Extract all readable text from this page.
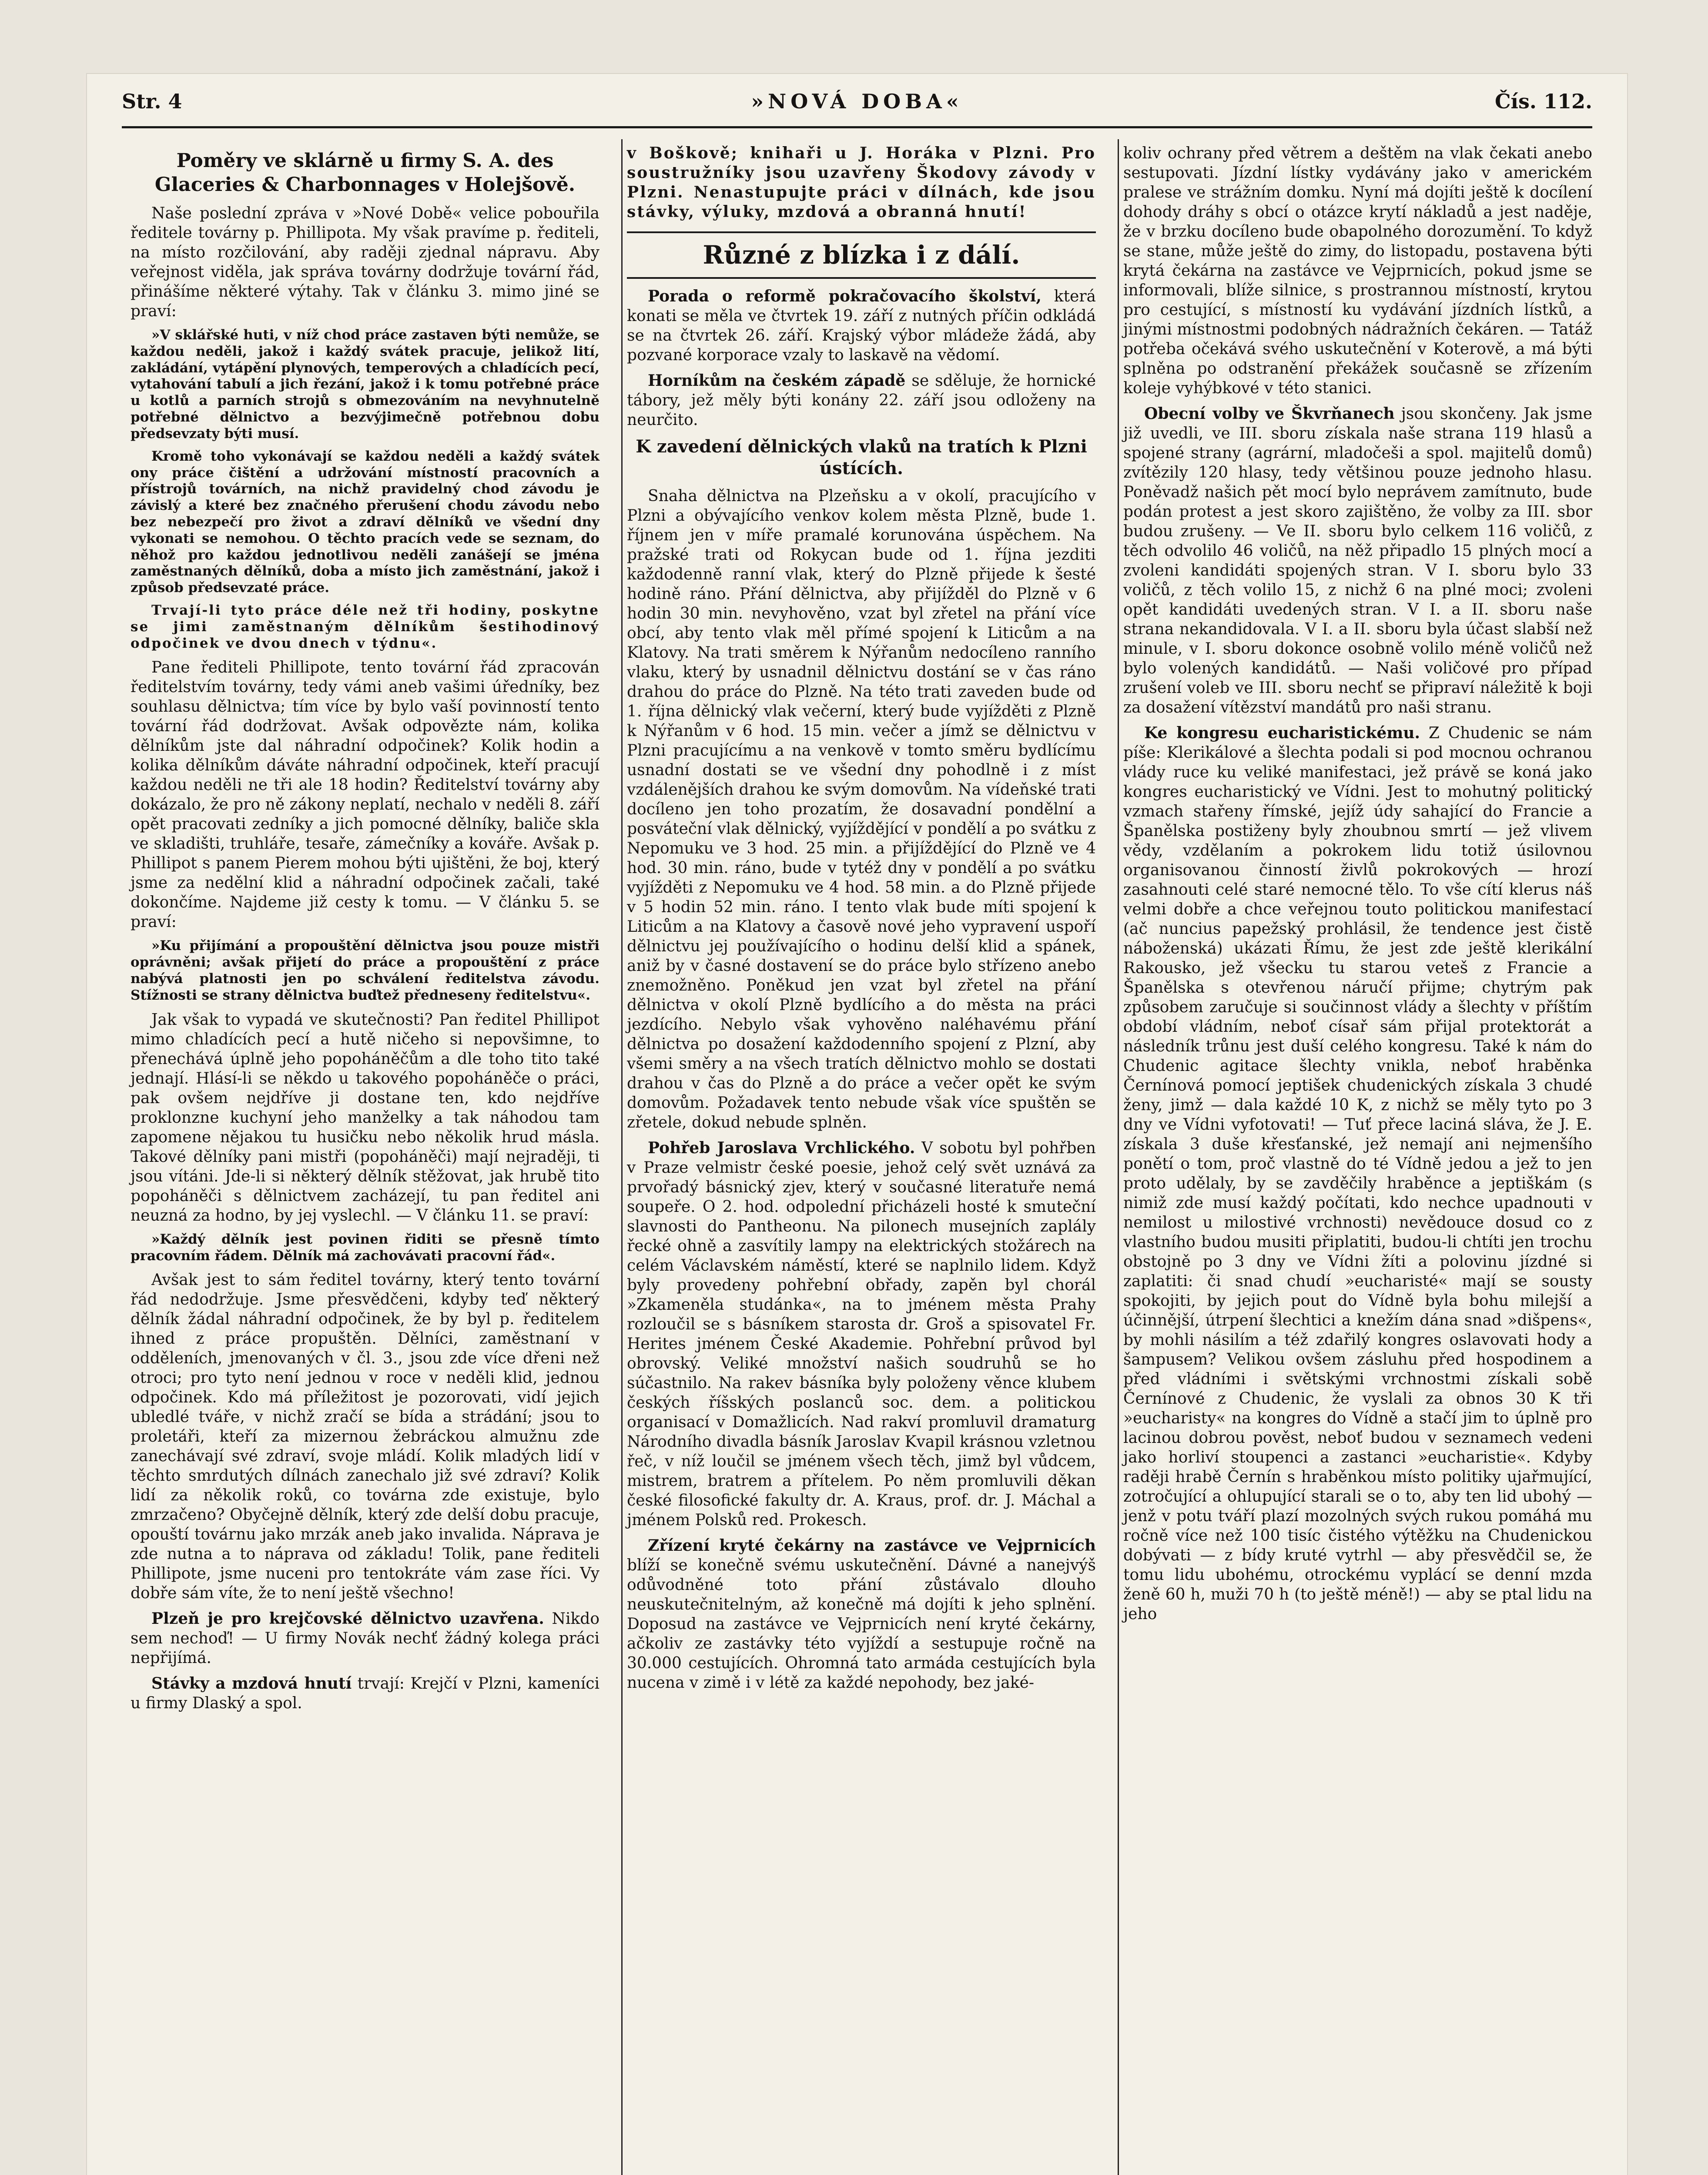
Str. 4	»NOVÁ DOBA«	Čís. 112.
Poměry ve sklárně u firmy S. A. des Glaceries & Charbonnages v Holejšově.

Naše poslední zpráva v »Nové Době« velice pobouřila ředitele továrny p. Phillipota. My však pravíme p. řediteli, na místo rozčilování, aby raději zjednal nápravu. Aby veřejnost viděla, jak správa továrny dodržuje tovární řád, přinášíme některé výtahy. Tak v článku 3. mimo jiné se praví:

»V sklářské huti, v níž chod práce zastaven býti nemůže, se každou neděli, jakož i každý svátek pracuje, jelikož lití, zakládání, vytápění plynových, temperových a chladících pecí, vytahování tabulí a jich řezání, jakož i k tomu potřebné práce u kotlů a parních strojů s obmezováním na nevyhnutelně potřebné dělnictvo a bezvýjimečně potřebnou dobu předsevzaty býti musí.

Kromě toho vykonávají se každou neděli a každý svátek ony práce čištění a udržování místností pracovních a přístrojů továrních, na nichž pravidelný chod závodu je závislý a které bez značného přerušení chodu závodu nebo bez nebezpečí pro život a zdraví dělníků ve všední dny vykonati se nemohou. O těchto pracích vede se seznam, do něhož pro každou jednotlivou neděli zanášejí se jména zaměstnaných dělníků, doba a místo jich zaměstnání, jakož i způsob předsevzaté práce.

Trvají-li tyto práce déle než tři hodiny, poskytne se jimi zaměstnaným dělníkům šestihodinový odpočinek ve dvou dnech v týdnu«.

Pane řediteli Phillipote, tento tovární řád zpracován ředitelstvím továrny, tedy vámi aneb vašimi úředníky, bez souhlasu dělnictva; tím více by bylo vaší povinností tento tovární řád dodržovat. Avšak odpovězte nám, kolika dělníkům jste dal náhradní odpočinek? Kolik hodin a kolika dělníkům dáváte náhradní odpočinek, kteří pracují každou neděli ne tři ale 18 hodin? Ředitelství továrny aby dokázalo, že pro ně zákony neplatí, nechalo v neděli 8. září opět pracovati zedníky a jich pomocné dělníky, baliče skla ve skladišti, truhláře, tesaře, zámečníky a kováře. Avšak p. Phillipot s panem Pierem mohou býti ujištěni, že boj, který jsme za nedělní klid a náhradní odpočinek začali, také dokončíme. Najdeme již cesty k tomu. — V článku 5. se praví:

»Ku přijímání a propouštění dělnictva jsou pouze mistři oprávněni; avšak přijetí do práce a propouštění z práce nabývá platnosti jen po schválení ředitelstva závodu. Stížnosti se strany dělnictva buďtež předneseny ředitelstvu«.

Jak však to vypadá ve skutečnosti? Pan ředitel Phillipot mimo chladících pecí a hutě ničeho si nepovšimne, to přenechává úplně jeho popoháněčům a dle toho tito také jednají. Hlásí-li se někdo u takového popoháněče o práci, pak ovšem nejdříve ji dostane ten, kdo nejdříve proklonzne kuchyní jeho manželky a tak náhodou tam zapomene nějakou tu husičku nebo několik hrud másla. Takové dělníky pani mistři (popoháněči) mají nejraději, ti jsou vítáni. Jde-li si některý dělník stěžovat, jak hrubě tito popoháněči s dělnictvem zacházejí, tu pan ředitel ani neuzná za hodno, by jej vyslechl. — V článku 11. se praví:

»Každý dělník jest povinen řiditi se přesně tímto pracovním řádem. Dělník má zachovávati pracovní řád«.

Avšak jest to sám ředitel továrny, který tento tovární řád nedodržuje. Jsme přesvědčeni, kdyby teď některý dělník žádal náhradní odpočinek, že by byl p. ředitelem ihned z práce propuštěn. Dělníci, zaměstnaní v odděleních, jmenovaných v čl. 3., jsou zde více dřeni než otroci; pro tyto není jednou v roce v neděli klid, jednou odpočinek. Kdo má příležitost je pozorovati, vidí jejich ubledlé tváře, v nichž zračí se bída a strádání; jsou to proletáři, kteří za mizernou žebráckou almužnu zde zanechávají své zdraví, svoje mládí. Kolik mladých lidí v těchto smrdutých dílnách zanechalo již své zdraví? Kolik lidí za několik roků, co továrna zde existuje, bylo zmrzačeno? Obyčejně dělník, který zde delší dobu pracuje, opouští továrnu jako mrzák aneb jako invalida. Náprava je zde nutna a to náprava od základu! Tolik, pane řediteli Phillipote, jsme nuceni pro tentokráte vám zase říci. Vy dobře sám víte, že to není ještě všechno!

Plzeň je pro krejčovské dělnictvo uzavřena. Nikdo sem nechoď! — U firmy Novák nechť žádný kolega práci nepřijímá.

Stávky a mzdová hnutí trvají: Krejčí v Plzni, kameníci u firmy Dlaský a spol.

v Boškově; knihaři u J. Horáka v Plzni. Pro soustružníky jsou uzavřeny Škodovy závody v Plzni. Nenastupujte práci v dílnách, kde jsou stávky, výluky, mzdová a obranná hnutí!

Různé z blízka i z dálí.

Porada o reformě pokračovacího školství, která konati se měla ve čtvrtek 19. září z nutných příčin odkládá se na čtvrtek 26. září. Krajský výbor mládeže žádá, aby pozvané korporace vzaly to laskavě na vědomí.

Horníkům na českém západě se sděluje, že hornické tábory, jež měly býti konány 22. září jsou odloženy na neurčito.

K zavedení dělnických vlaků na tratích k Plzni ústících.

Snaha dělnictva na Plzeňsku a v okolí, pracujícího v Plzni a obývajícího venkov kolem města Plzně, bude 1. říjnem jen v míře pramalé korunována úspěchem. Na pražské trati od Rokycan bude od 1. října jezditi každodenně ranní vlak, který do Plzně přijede k šesté hodině ráno. Přání dělnictva, aby přijížděl do Plzně v 6 hodin 30 min. nevyhověno, vzat byl zřetel na přání více obcí, aby tento vlak měl přímé spojení k Liticům a na Klatovy. Na trati směrem k Nýřanům nedocíleno ranního vlaku, který by usnadnil dělnictvu dostání se v čas ráno drahou do práce do Plzně. Na této trati zaveden bude od 1. října dělnický vlak večerní, který bude vyjížděti z Plzně k Nýřanům v 6 hod. 15 min. večer a jímž se dělnictvu v Plzni pracujícímu a na venkově v tomto směru bydlícímu usnadní dostati se ve všední dny pohodlně i z míst vzdálenějších drahou ke svým domovům. Na vídeňské trati docíleno jen toho prozatím, že dosavadní pondělní a posváteční vlak dělnický, vyjíždějící v pondělí a po svátku z Nepomuku ve 3 hod. 25 min. a přijíždějící do Plzně ve 4 hod. 30 min. ráno, bude v tytéž dny v pondělí a po svátku vyjížděti z Nepomuku ve 4 hod. 58 min. a do Plzně přijede v 5 hodin 52 min. ráno. I tento vlak bude míti spojení k Liticům a na Klatovy a časově nové jeho vypravení uspoří dělnictvu jej používajícího o hodinu delší klid a spánek, aniž by v časné dostavení se do práce bylo střízeno anebo znemožněno. Poněkud jen vzat byl zřetel na přání dělnictva v okolí Plzně bydlícího a do města na práci jezdícího. Nebylo však vyhověno naléhavému přání dělnictva po dosažení každodenního spojení z Plzní, aby všemi směry a na všech tratích dělnictvo mohlo se dostati drahou v čas do Plzně a do práce a večer opět ke svým domovům. Požadavek tento nebude však více spuštěn se zřetele, dokud nebude splněn.

Pohřeb Jaroslava Vrchlického. V sobotu byl pohřben v Praze velmistr české poesie, jehož celý svět uznává za prvořadý básnický zjev, který v současné literatuře nemá soupeře. O 2. hod. odpolední přicházeli hosté k smuteční slavnosti do Pantheonu. Na pilonech musejních zaplály řecké ohně a zasvítily lampy na elektrických stožárech na celém Václavském náměstí, které se naplnilo lidem. Když byly provedeny pohřební obřady, zapěn byl chorál »Zkameněla studánka«, na to jménem města Prahy rozloučil se s básníkem starosta dr. Groš a spisovatel Fr. Herites jménem České Akademie. Pohřební průvod byl obrovský. Veliké množství našich soudruhů se ho súčastnilo. Na rakev básníka byly položeny věnce klubem českých říšských poslanců soc. dem. a politickou organisací v Domažlicích. Nad rakví promluvil dramaturg Národního divadla básník Jaroslav Kvapil krásnou vzletnou řeč, v níž loučil se jménem všech těch, jimž byl vůdcem, mistrem, bratrem a přítelem. Po něm promluvili děkan české filosofické fakulty dr. A. Kraus, prof. dr. J. Máchal a jménem Polsků red. Prokesch.

Zřízení kryté čekárny na zastávce ve Vejprnicích blíží se konečně svému uskutečnění. Dávné a nanejvýš odůvodněné toto přání zůstávalo dlouho neuskutečnitelným, až konečně má dojíti k jeho splnění. Doposud na zastávce ve Vejprnicích není kryté čekárny, ačkoliv ze zastávky této vyjíždí a sestupuje ročně na 30.000 cestujících. Ohromná tato armáda cestujících byla nucena v zimě i v létě za každé nepohody, bez jaké-

koliv ochrany před větrem a deštěm na vlak čekati anebo sestupovati. Jízdní lístky vydávány jako v americkém pralese ve strážním domku. Nyní má dojíti ještě k docílení dohody dráhy s obcí o otázce krytí nákladů a jest naděje, že v brzku docíleno bude obapolného dorozumění. To když se stane, může ještě do zimy, do listopadu, postavena býti krytá čekárna na zastávce ve Vejprnicích, pokud jsme se informovali, blíže silnice, s prostrannou místností, krytou pro cestující, s místností ku vydávání jízdních lístků, a jinými místnostmi podobných nádražních čekáren. — Tatáž potřeba očekává svého uskutečnění v Koterově, a má býti splněna po odstranění překážek současně se zřízením koleje vyhýbkové v této stanici.

Obecní volby ve Škvrňanech jsou skončeny. Jak jsme již uvedli, ve III. sboru získala naše strana 119 hlasů a spojené strany (agrární, mladočeši a spol. majitelů domů) zvítězily 120 hlasy, tedy většinou pouze jednoho hlasu. Poněvadž našich pět mocí bylo neprávem zamítnuto, bude podán protest a jest skoro zajištěno, že volby za III. sbor budou zrušeny. — Ve II. sboru bylo celkem 116 voličů, z těch odvolilo 46 voličů, na něž připadlo 15 plných mocí a zvoleni kandidáti spojených stran. V I. sboru bylo 33 voličů, z těch volilo 15, z nichž 6 na plné moci; zvoleni opět kandidáti uvedených stran. V I. a II. sboru naše strana nekandidovala. V I. a II. sboru byla účast slabší než minule, v I. sboru dokonce osobně volilo méně voličů než bylo volených kandidátů. — Naši voličové pro případ zrušení voleb ve III. sboru nechť se připraví náležitě k boji za dosažení vítězství mandátů pro naši stranu.

Ke kongresu eucharistickému. Z Chudenic se nám píše: Klerikálové a šlechta podali si pod mocnou ochranou vlády ruce ku veliké manifestaci, jež právě se koná jako kongres eucharistický ve Vídni. Jest to mohutný politický vzmach stařeny římské, jejíž údy sahající do Francie a Španělska postiženy byly zhoubnou smrtí — jež vlivem vědy, vzdělaním a pokrokem lidu totiž úsilovnou organisovanou činností živlů pokrokových — hrozí zasahnouti celé staré nemocné tělo. To vše cítí klerus náš velmi dobře a chce veřejnou touto politickou manifestací (ač nuncius papežský prohlásil, že tendence jest čistě náboženská) ukázati Římu, že jest zde ještě klerikální Rakousko, jež všecku tu starou veteš z Francie a Španělska s otevřenou náručí přijme; chytrým pak způsobem zaručuje si součinnost vlády a šlechty v příštím období vládním, neboť císař sám přijal protektorát a následník trůnu jest duší celého kongresu. Také k nám do Chudenic agitace šlechty vnikla, neboť hraběnka Černínová pomocí jeptišek chudenických získala 3 chudé ženy, jimž — dala každé 10 K, z nichž se měly tyto po 3 dny ve Vídni vyfotovati! — Tuť přece laciná sláva, že J. E. získala 3 duše křesťanské, jež nemají ani nejmenšího ponětí o tom, proč vlastně do té Vídně jedou a jež to jen proto udělaly, by se zavděčily hraběnce a jeptiškám (s nimiž zde musí každý počítati, kdo nechce upadnouti v nemilost u milostivé vrchnosti) nevědouce dosud co z vlastního budou musiti připlatiti, budou-li chtíti jen trochu obstojně po 3 dny ve Vídni žíti a polovinu jízdné si zaplatiti: či snad chudí »eucharisté« mají se sousty spokojiti, by jejich pout do Vídně byla bohu milejší a účinnější, útrpení šlechtici a knežím dána snad »dišpens«, by mohli násilím a též zdařilý kongres oslavovati hody a šampusem? Velikou ovšem zásluhu před hospodinem a před vládními i světskými vrchnostmi získali sobě Černínové z Chudenic, že vyslali za obnos 30 K tři »eucharisty« na kongres do Vídně a stačí jim to úplně pro lacinou dobrou pověst, neboť budou v seznamech vedeni jako horliví stoupenci a zastanci »eucharistie«. Kdyby raději hrabě Černín s hraběnkou místo politiky ujařmující, zotročující a ohlupující starali se o to, aby ten lid ubohý — jenž v potu tváří plazí mozolných svých rukou pomáhá mu ročně více než 100 tisíc čistého výtěžku na Chudenickou dobývati — z bídy kruté vytrhl — aby přesvědčil se, že tomu lidu ubohému, otrockému vyplácí se denní mzda ženě 60 h, muži 70 h (to ještě méně!) — aby se ptal lidu na jeho
